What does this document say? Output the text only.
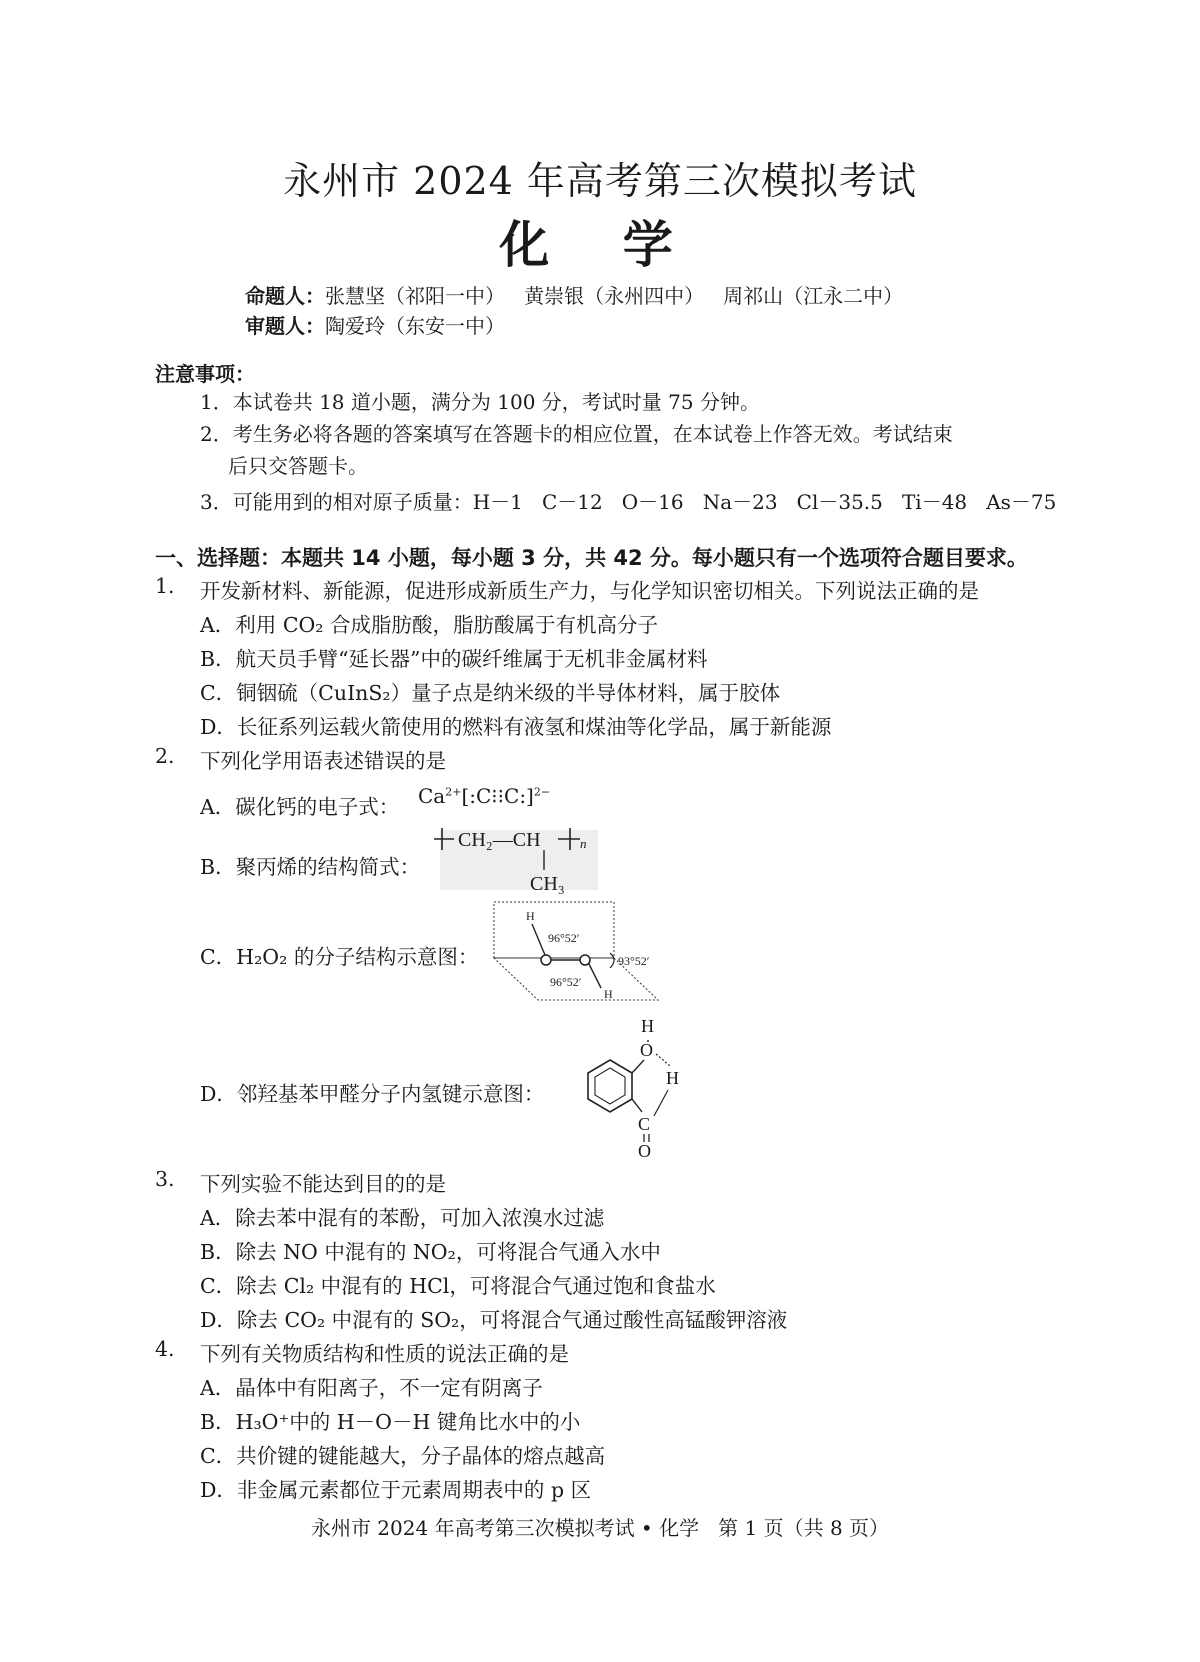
永州市 2024 年高考第三次模拟考试
化 学
命题人：张慧坚（祁阳一中）   黄崇银（永州四中）   周祁山（江永二中）
审题人：陶爱玲（东安一中）
注意事项：
1．本试卷共 18 道小题，满分为 100 分，考试时量 75 分钟。
2．考生务必将各题的答案填写在答题卡的相应位置，在本试卷上作答无效。考试结束
后只交答题卡。
3．可能用到的相对原子质量：H－1   C－12   O－16   Na－23   Cl－35.5   Ti－48   As－75
一、选择题：本题共 14 小题，每小题 3 分，共 42 分。每小题只有一个选项符合题目要求。
1. 开发新材料、新能源，促进形成新质生产力，与化学知识密切相关。下列说法正确的是
A．利用 CO₂ 合成脂肪酸，脂肪酸属于有机高分子
B．航天员手臂“延长器”中的碳纤维属于无机非金属材料
C．铜铟硫（CuInS₂）量子点是纳米级的半导体材料，属于胶体
D．长征系列运载火箭使用的燃料有液氢和煤油等化学品，属于新能源
2. 下列化学用语表述错误的是
A．碳化钙的电子式： $Ca^{2+}[:C⁝⁝C:]^{2-}$
B．聚丙烯的结构简式：
CH₂—CH	n
CH₃
C．H₂O₂ 的分子结构示意图：
H
H
96°52′
96°52′
93°52′
D．邻羟基苯甲醛分子内氢键示意图：
O
H
H
C
O
3. 下列实验不能达到目的的是
A．除去苯中混有的苯酚，可加入浓溴水过滤
B．除去 NO 中混有的 NO₂，可将混合气通入水中
C．除去 Cl₂ 中混有的 HCl，可将混合气通过饱和食盐水
D．除去 CO₂ 中混有的 SO₂，可将混合气通过酸性高锰酸钾溶液
4. 下列有关物质结构和性质的说法正确的是
A．晶体中有阳离子，不一定有阴离子
B．H₃O⁺中的 H－O－H 键角比水中的小
C．共价键的键能越大，分子晶体的熔点越高
D．非金属元素都位于元素周期表中的 p 区
永州市 2024 年高考第三次模拟考试 • 化学   第 1 页（共 8 页）
